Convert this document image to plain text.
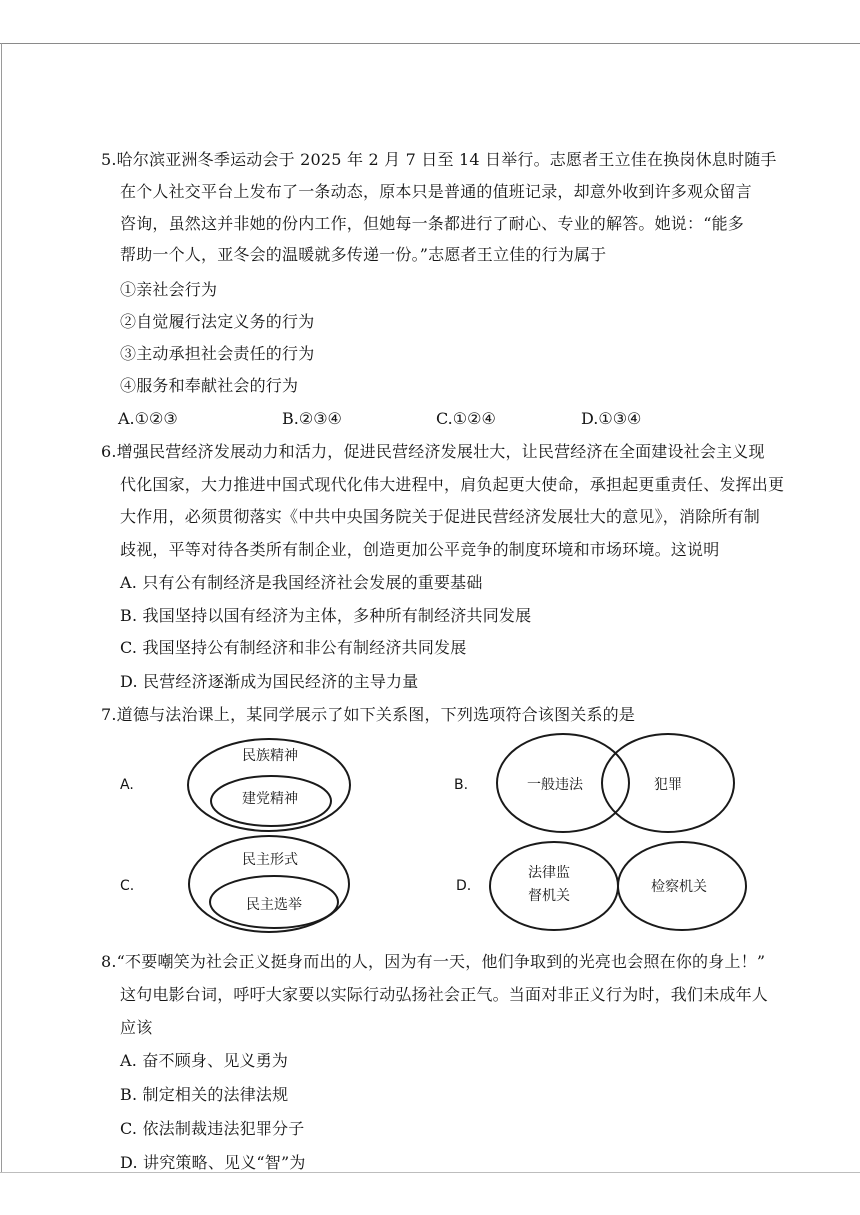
5.哈尔滨亚洲冬季运动会于 2025 年 2 月 7 日至 14 日举行。志愿者王立佳在换岗休息时随手
在个人社交平台上发布了一条动态，原本只是普通的值班记录，却意外收到许多观众留言
咨询，虽然这并非她的份内工作，但她每一条都进行了耐心、专业的解答。她说：“能多
帮助一个人，亚冬会的温暖就多传递一份。”志愿者王立佳的行为属于
①亲社会行为
②自觉履行法定义务的行为
③主动承担社会责任的行为
④服务和奉献社会的行为
A.①②③	B.②③④	C.①②④	D.①③④
6.增强民营经济发展动力和活力，促进民营经济发展壮大，让民营经济在全面建设社会主义现
代化国家，大力推进中国式现代化伟大进程中，肩负起更大使命，承担起更重责任、发挥出更
大作用，必须贯彻落实《中共中央国务院关于促进民营经济发展壮大的意见》，消除所有制
歧视，平等对待各类所有制企业，创造更加公平竞争的制度环境和市场环境。这说明
A. 只有公有制经济是我国经济社会发展的重要基础
B. 我国坚持以国有经济为主体，多种所有制经济共同发展
C. 我国坚持公有制经济和非公有制经济共同发展
D. 民营经济逐渐成为国民经济的主导力量
7.道德与法治课上，某同学展示了如下关系图，下列选项符合该图关系的是
A.
民族精神
建党精神
B.	一般违法	犯罪
C.
民主形式
民主选举
D.
法律监
督机关
检察机关
8.“不要嘲笑为社会正义挺身而出的人，因为有一天，他们争取到的光亮也会照在你的身上！”
这句电影台词，呼吁大家要以实际行动弘扬社会正气。当面对非正义行为时，我们未成年人
应该
A. 奋不顾身、见义勇为
B. 制定相关的法律法规
C. 依法制裁违法犯罪分子
D. 讲究策略、见义“智”为
